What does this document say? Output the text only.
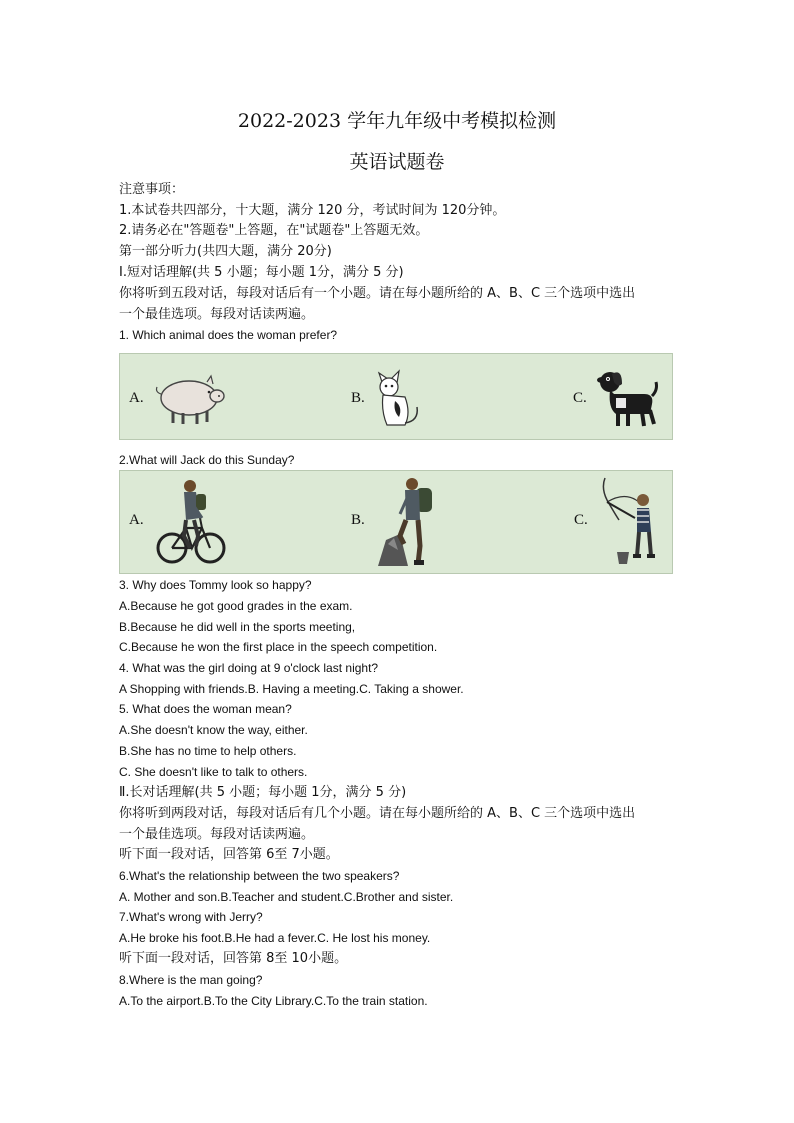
2022-2023 学年九年级中考模拟检测
英语试题卷
注意事项：
1.本试卷共四部分，十大题，满分 120 分，考试时间为 120分钟。
2.请务必在"答题卷"上答题，在"试题卷"上答题无效。
第一部分听力(共四大题，满分 20分)
I.短对话理解(共 5 小题；每小题 1分，满分 5 分)
你将听到五段对话，每段对话后有一个小题。请在每小题所给的 A、B、C 三个选项中选出
一个最佳选项。每段对话读两遍。
1. Which animal does the woman prefer?
A.	B.	C.
2.What will Jack do this Sunday?
A.	B.	C.
3. Why does Tommy look so happy?
A.Because he got good grades in the exam.
B.Because he did well in the sports meeting,
C.Because he won the first place in the speech competition.
4. What was the girl doing at 9 o'clock last night?
A Shopping with friends.B. Having a meeting.C. Taking a shower.
5. What does the woman mean?
A.She doesn't know the way, either.
B.She has no time to help others.
C. She doesn't like to talk to others.
Ⅱ.长对话理解(共 5 小题；每小题 1分，满分 5 分)
你将听到两段对话，每段对话后有几个小题。请在每小题所给的 A、B、C 三个选项中选出
一个最佳选项。每段对话读两遍。
听下面一段对话，回答第 6至 7小题。
6.What's the relationship between the two speakers?
A. Mother and son.B.Teacher and student.C.Brother and sister.
7.What's wrong with Jerry?
A.He broke his foot.B.He had a fever.C. He lost his money.
听下面一段对话，回答第 8至 10小题。
8.Where is the man going?
A.To the airport.B.To the City Library.C.To the train station.
